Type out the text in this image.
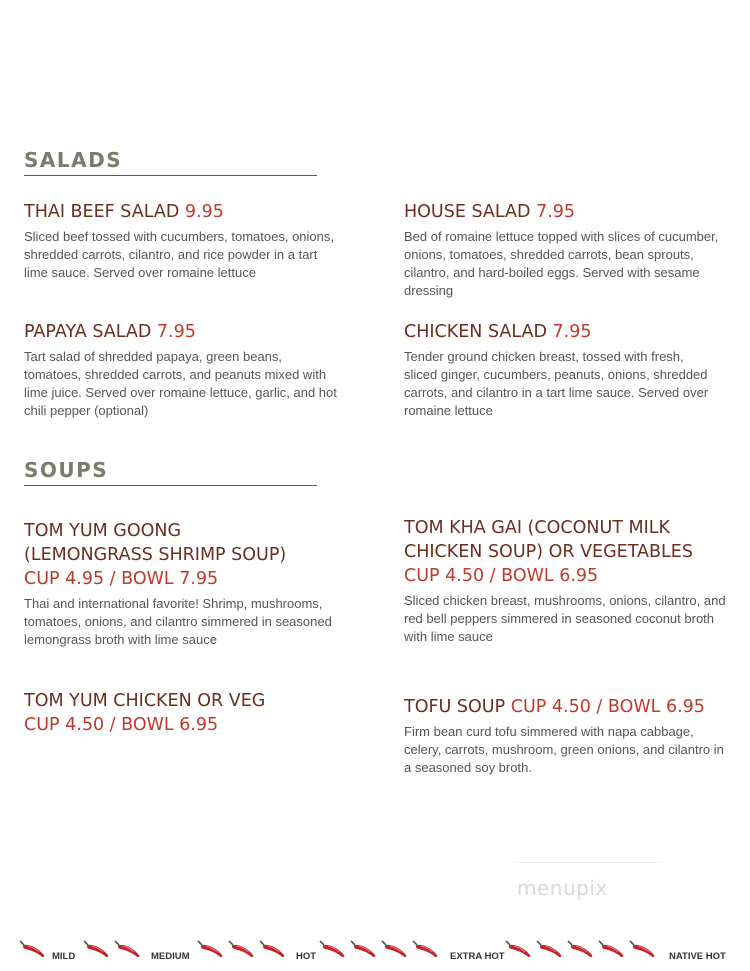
SALADS

THAI BEEF SALAD 9.95

Sliced beef tossed with cucumbers, tomatoes, onions, shredded carrots, cilantro, and rice powder in a tart lime sauce. Served over romaine lettuce

HOUSE SALAD 7.95

Bed of romaine lettuce topped with slices of cucumber, onions, tomatoes, shredded carrots, bean sprouts, cilantro, and hard-boiled eggs. Served with sesame dressing

PAPAYA SALAD 7.95

Tart salad of shredded papaya, green beans, tomatoes, shredded carrots, and peanuts mixed with lime juice. Served over romaine lettuce, garlic, and hot chili pepper (optional)

CHICKEN SALAD 7.95

Tender ground chicken breast, tossed with fresh, sliced ginger, cucumbers, peanuts, onions, shredded carrots, and cilantro in a tart lime sauce. Served over romaine lettuce

SOUPS

TOM YUM GOONG
(LEMONGRASS SHRIMP SOUP)
CUP 4.95 / BOWL 7.95

Thai and international favorite! Shrimp, mushrooms, tomatoes, onions, and cilantro simmered in seasoned lemongrass broth with lime sauce

TOM KHA GAI (COCONUT MILK
CHICKEN SOUP) OR VEGETABLES
CUP 4.50 / BOWL 6.95

Sliced chicken breast, mushrooms, onions, cilantro, and red bell peppers simmered in seasoned coconut broth with lime sauce

TOM YUM CHICKEN OR VEG
CUP 4.50 / BOWL 6.95

TOFU SOUP CUP 4.50 / BOWL 6.95

Firm bean curd tofu simmered with napa cabbage, celery, carrots, mushroom, green onions, and cilantro in a seasoned soy broth.

menupix
MILD	MEDIUM	HOT	EXTRA HOT	NATIVE HOT
